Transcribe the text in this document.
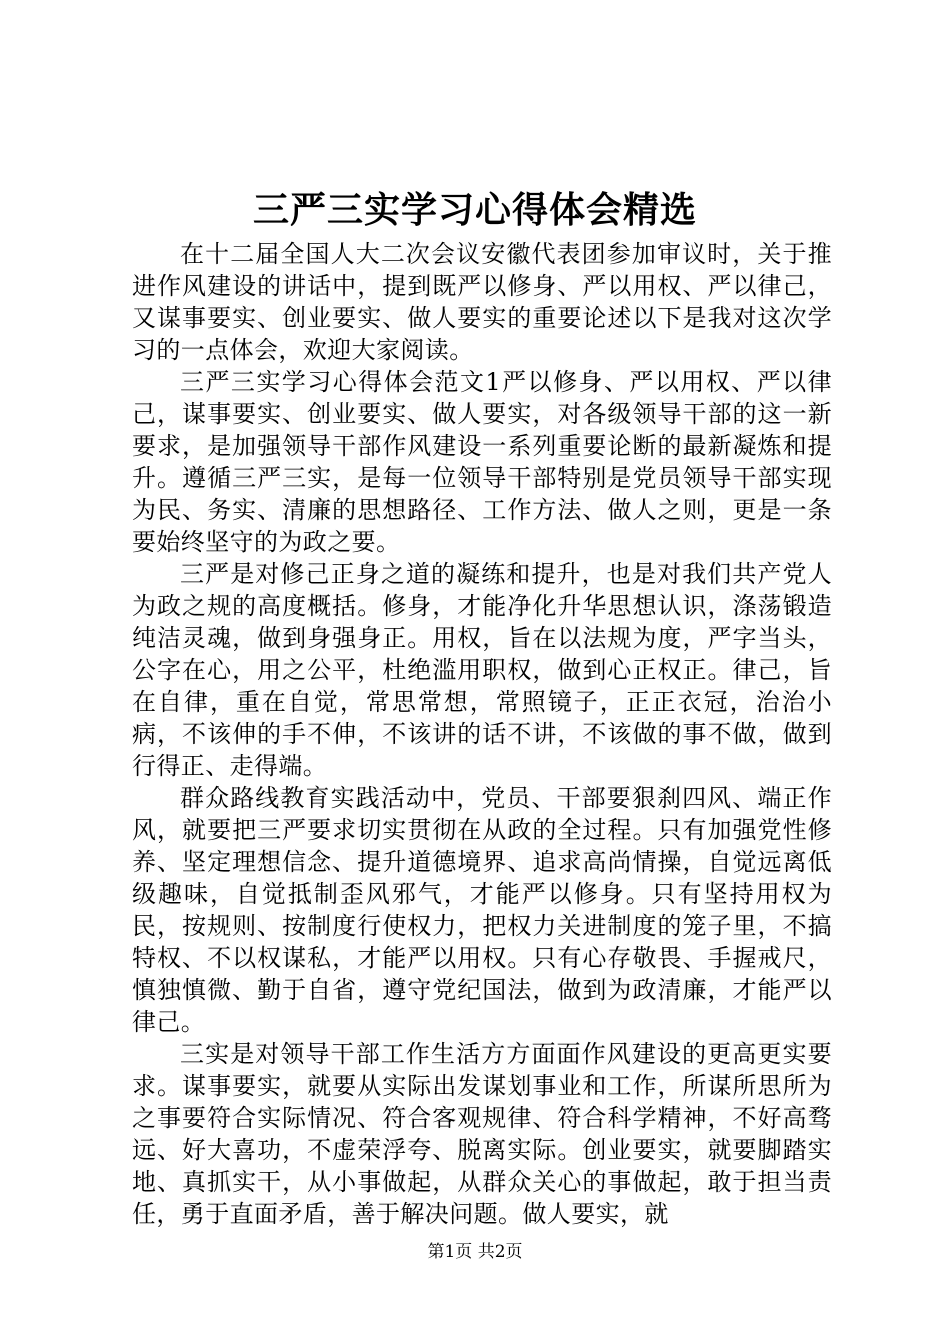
三严三实学习心得体会精选

在十二届全国人大二次会议安徽代表团参加审议时，关于推进作风建设的讲话中，提到既严以修身、严以用权、严以律己，又谋事要实、创业要实、做人要实的重要论述以下是我对这次学习的一点体会，欢迎大家阅读。

三严三实学习心得体会范文1严以修身、严以用权、严以律己，谋事要实、创业要实、做人要实，对各级领导干部的这一新要求，是加强领导干部作风建设一系列重要论断的最新凝炼和提升。遵循三严三实，是每一位领导干部特别是党员领导干部实现为民、务实、清廉的思想路径、工作方法、做人之则，更是一条要始终坚守的为政之要。

三严是对修己正身之道的凝练和提升，也是对我们共产党人为政之规的高度概括。修身，才能净化升华思想认识，涤荡锻造纯洁灵魂，做到身强身正。用权，旨在以法规为度，严字当头，公字在心，用之公平，杜绝滥用职权，做到心正权正。律己，旨在自律，重在自觉，常思常想，常照镜子，正正衣冠，治治小病，不该伸的手不伸，不该讲的话不讲，不该做的事不做，做到行得正、走得端。

群众路线教育实践活动中，党员、干部要狠刹四风、端正作风，就要把三严要求切实贯彻在从政的全过程。只有加强党性修养、坚定理想信念、提升道德境界、追求高尚情操，自觉远离低级趣味，自觉抵制歪风邪气，才能严以修身。只有坚持用权为民，按规则、按制度行使权力，把权力关进制度的笼子里，不搞特权、不以权谋私，才能严以用权。只有心存敬畏、手握戒尺，慎独慎微、勤于自省，遵守党纪国法，做到为政清廉，才能严以律己。

三实是对领导干部工作生活方方面面作风建设的更高更实要求。谋事要实，就要从实际出发谋划事业和工作，所谋所思所为之事要符合实际情况、符合客观规律、符合科学精神，不好高骛远、好大喜功，不虚荣浮夸、脱离实际。创业要实，就要脚踏实地、真抓实干，从小事做起，从群众关心的事做起，敢于担当责任，勇于直面矛盾，善于解决问题。做人要实，就

第1页 共2页
